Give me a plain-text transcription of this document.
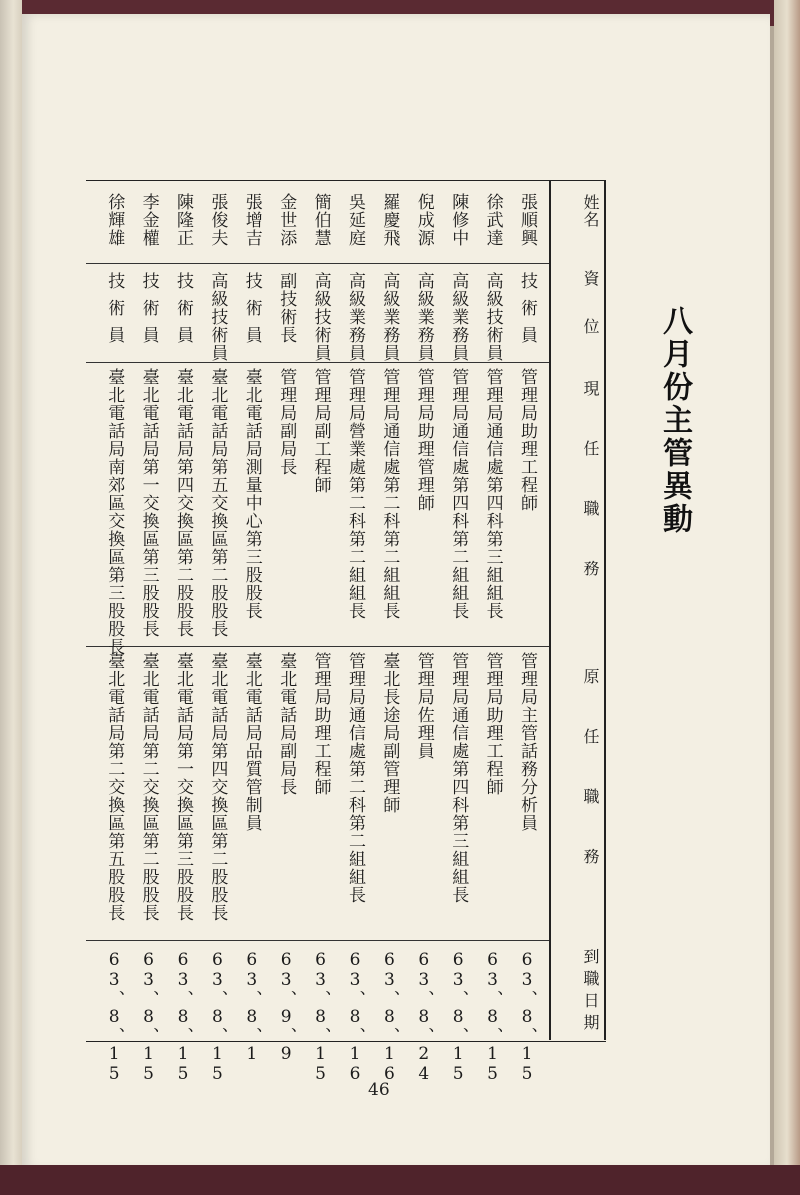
八月份主管異動
姓名
資位
現任職務
原任職務
到職日期
張順興
技術員
管理局助理工程師
管理局主管話務分析員
63、8、15
徐武達
高級技術員
管理局通信處第四科第三組組長
管理局助理工程師
63、8、15
陳修中
高級業務員
管理局通信處第四科第二組組長
管理局通信處第四科第三組組長
63、8、15
倪成源
高級業務員
管理局助理管理師
管理局佐理員
63、8、24
羅慶飛
高級業務員
管理局通信處第二科第二組組長
臺北長途局副管理師
63、8、16
吳延庭
高級業務員
管理局營業處第二科第二組組長
管理局通信處第二科第二組組長
63、8、16
簡伯慧
高級技術員
管理局副工程師
管理局助理工程師
63、8、15
金世添
副技術長
管理局副局長
臺北電話局副局長
63、9、9
張增吉
技術員
臺北電話局測量中心第三股股長
臺北電話局品質管制員
63、8、1
張俊夫
高級技術員
臺北電話局第五交換區第二股股長
臺北電話局第四交換區第二股股長
63、8、15
陳隆正
技術員
臺北電話局第四交換區第二股股長
臺北電話局第一交換區第三股股長
63、8、15
李金權
技術員
臺北電話局第一交換區第三股股長
臺北電話局第二交換區第二股股長
63、8、15
徐輝雄
技術員
臺北電話局南郊區交換區第三股股長
臺北電話局第二交換區第五股股長
63、8、15
46
